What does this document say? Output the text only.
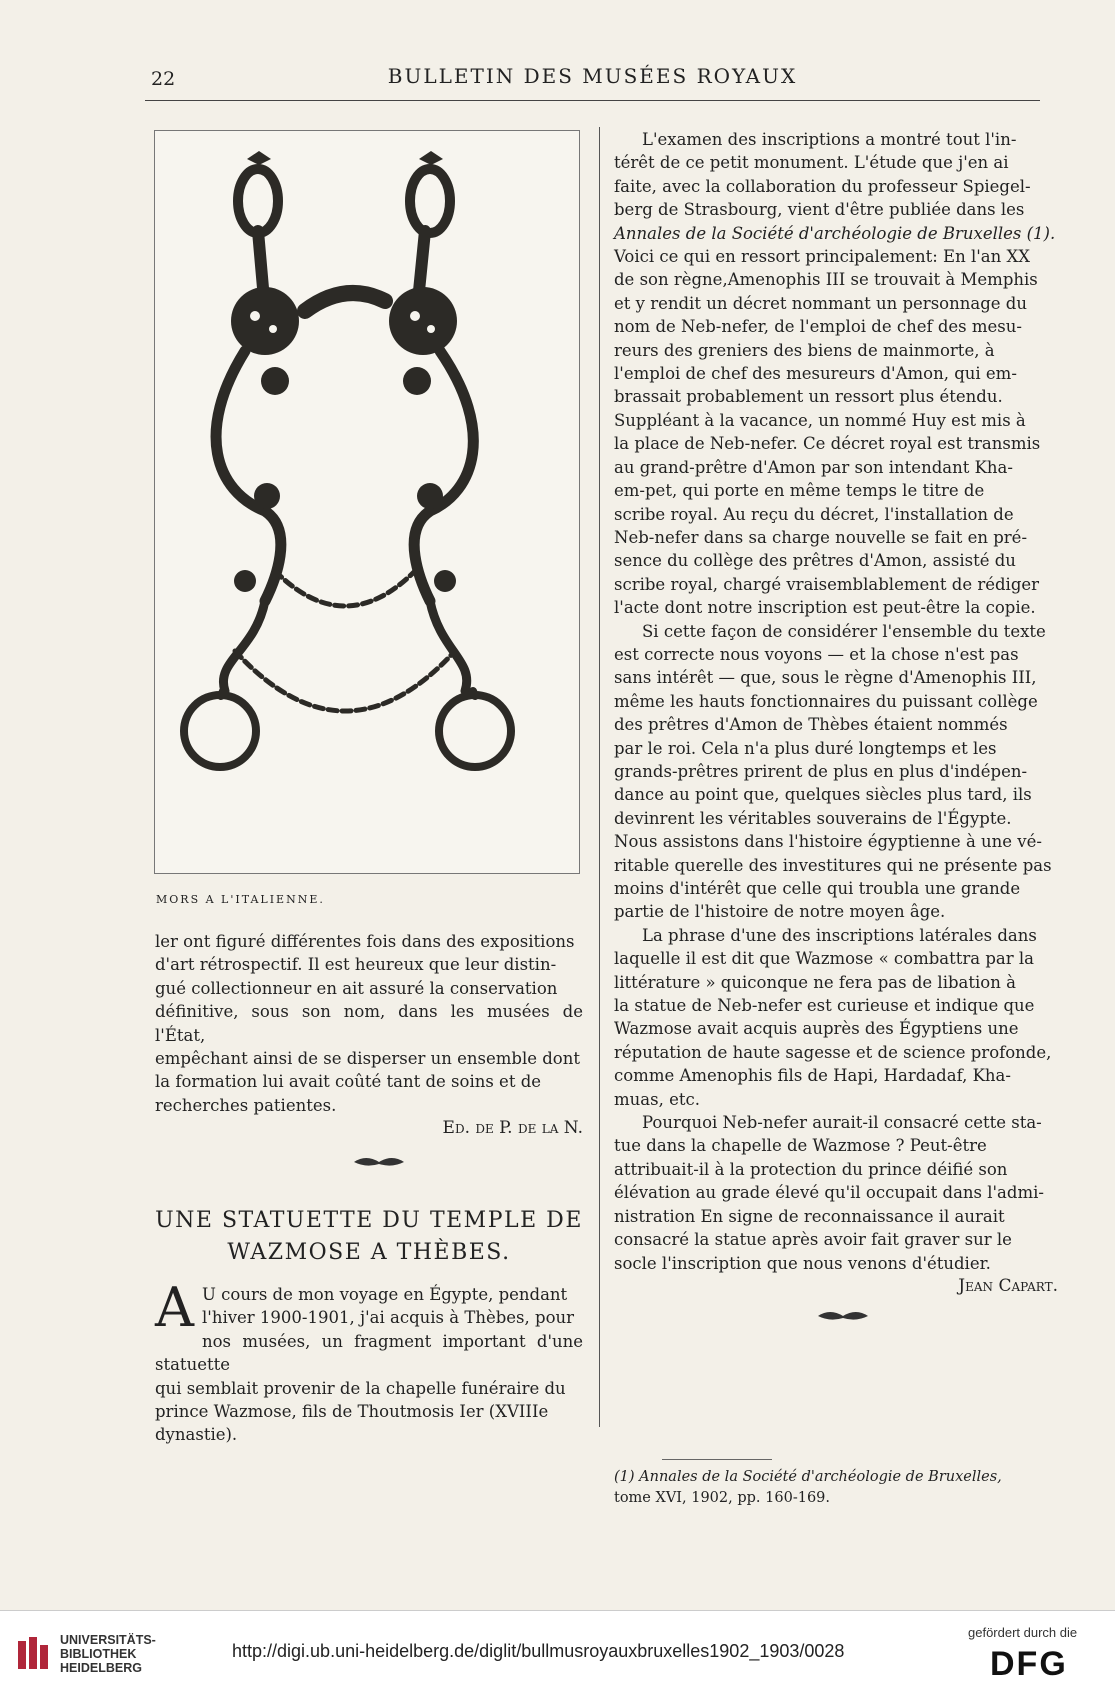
22	BULLETIN DES MUSÉES ROYAUX
MORS A L'ITALIENNE.

ler ont figuré différentes fois dans des expositions

d'art rétrospectif. Il est heureux que leur distin-

gué collectionneur en ait assuré la conservation

définitive, sous son nom, dans les musées de l'État,

empêchant ainsi de se disperser un ensemble dont

la formation lui avait coûté tant de soins et de

recherches patientes.

Ed. de P. de la N.

UNE STATUETTE DU TEMPLE DE
WAZMOSE A THÈBES.
A U cours de mon voyage en Égypte, pendant

l'hiver 1900-1901, j'ai acquis à Thèbes, pour

nos musées, un fragment important d'une statuette

qui semblait provenir de la chapelle funéraire du

prince Wazmose, fils de Thoutmosis Ier (XVIIIe

dynastie).

L'examen des inscriptions a montré tout l'in-

térêt de ce petit monument. L'étude que j'en ai

faite, avec la collaboration du professeur Spiegel-

berg de Strasbourg, vient d'être publiée dans les

Annales de la Société d'archéologie de Bruxelles (1).

Voici ce qui en ressort principalement: En l'an XX

de son règne,Amenophis III se trouvait à Memphis

et y rendit un décret nommant un personnage du

nom de Neb-nefer, de l'emploi de chef des mesu-

reurs des greniers des biens de mainmorte, à

l'emploi de chef des mesureurs d'Amon, qui em-

brassait probablement un ressort plus étendu.

Suppléant à la vacance, un nommé Huy est mis à

la place de Neb-nefer. Ce décret royal est transmis

au grand-prêtre d'Amon par son intendant Kha-

em-pet, qui porte en même temps le titre de

scribe royal. Au reçu du décret, l'installation de

Neb-nefer dans sa charge nouvelle se fait en pré-

sence du collège des prêtres d'Amon, assisté du

scribe royal, chargé vraisemblablement de rédiger

l'acte dont notre inscription est peut-être la copie.

Si cette façon de considérer l'ensemble du texte

est correcte nous voyons — et la chose n'est pas

sans intérêt — que, sous le règne d'Amenophis III,

même les hauts fonctionnaires du puissant collège

des prêtres d'Amon de Thèbes étaient nommés

par le roi. Cela n'a plus duré longtemps et les

grands-prêtres prirent de plus en plus d'indépen-

dance au point que, quelques siècles plus tard, ils

devinrent les véritables souverains de l'Égypte.

Nous assistons dans l'histoire égyptienne à une vé-

ritable querelle des investitures qui ne présente pas

moins d'intérêt que celle qui troubla une grande

partie de l'histoire de notre moyen âge.

La phrase d'une des inscriptions latérales dans

laquelle il est dit que Wazmose « combattra par la

littérature » quiconque ne fera pas de libation à

la statue de Neb-nefer est curieuse et indique que

Wazmose avait acquis auprès des Égyptiens une

réputation de haute sagesse et de science profonde,

comme Amenophis fils de Hapi, Hardadaf, Kha-

muas, etc.

Pourquoi Neb-nefer aurait-il consacré cette sta-

tue dans la chapelle de Wazmose ? Peut-être

attribuait-il à la protection du prince déifié son

élévation au grade élevé qu'il occupait dans l'admi-

nistration En signe de reconnaissance il aurait

consacré la statue après avoir fait graver sur le

socle l'inscription que nous venons d'étudier.

Jean Capart.

(1) Annales de la Société d'archéologie de Bruxelles,

tome XVI, 1902, pp. 160-169.

UNIVERSITÄTS-
BIBLIOTHEK
HEIDELBERG
http://digi.ub.uni-heidelberg.de/diglit/bullmusroyauxbruxelles1902_1903/0028
gefördert durch die
DFG
